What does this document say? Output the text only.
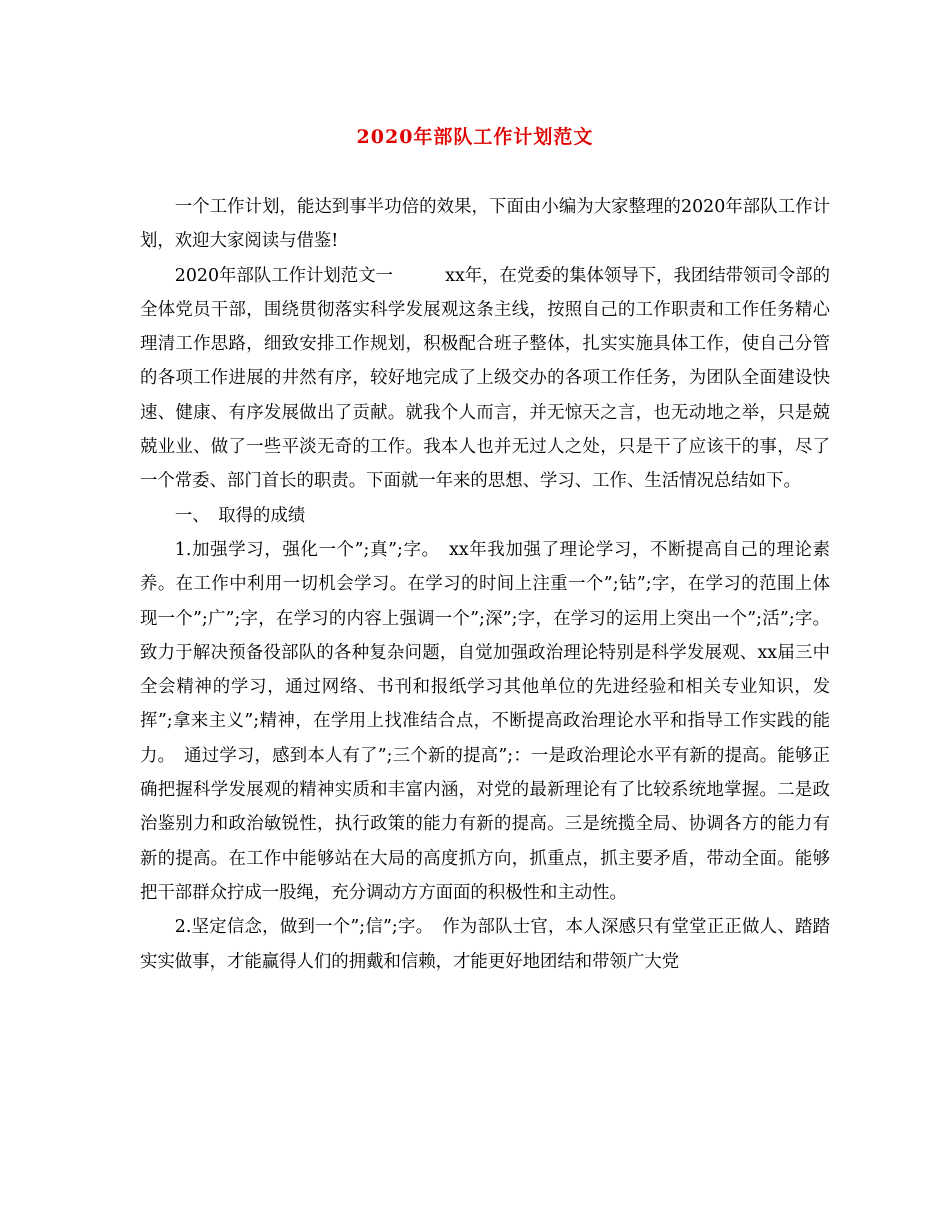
2020年部队工作计划范文

一个工作计划，能达到事半功倍的效果，下面由小编为大家整理的2020年部队工作计划，欢迎大家阅读与借鉴!

2020年部队工作计划范文一　　　xx年，在党委的集体领导下，我团结带领司令部的全体党员干部，围绕贯彻落实科学发展观这条主线，按照自己的工作职责和工作任务精心理清工作思路，细致安排工作规划，积极配合班子整体，扎实实施具体工作，使自己分管的各项工作进展的井然有序，较好地完成了上级交办的各项工作任务，为团队全面建设快速、健康、有序发展做出了贡献。就我个人而言，并无惊天之言，也无动地之举，只是兢兢业业、做了一些平淡无奇的工作。我本人也并无过人之处，只是干了应该干的事，尽了一个常委、部门首长的职责。下面就一年来的思想、学习、工作、生活情况总结如下。

一、　取得的成绩

1.加强学习，强化一个”;真”;字。　xx年我加强了理论学习，不断提高自己的理论素养。在工作中利用一切机会学习。在学习的时间上注重一个”;钻”;字，在学习的范围上体现一个”;广”;字，在学习的内容上强调一个”;深”;字，在学习的运用上突出一个”;活”;字。致力于解决预备役部队的各种复杂问题，自觉加强政治理论特别是科学发展观、xx届三中全会精神的学习，通过网络、书刊和报纸学习其他单位的先进经验和相关专业知识，发挥”;拿来主义”;精神，在学用上找准结合点，不断提高政治理论水平和指导工作实践的能力。　通过学习，感到本人有了”;三个新的提高”;：一是政治理论水平有新的提高。能够正确把握科学发展观的精神实质和丰富内涵，对党的最新理论有了比较系统地掌握。二是政治鉴别力和政治敏锐性，执行政策的能力有新的提高。三是统揽全局、协调各方的能力有新的提高。在工作中能够站在大局的高度抓方向，抓重点，抓主要矛盾，带动全面。能够把干部群众拧成一股绳，充分调动方方面面的积极性和主动性。

2.坚定信念，做到一个”;信”;字。　作为部队士官，本人深感只有堂堂正正做人、踏踏实实做事，才能赢得人们的拥戴和信赖，才能更好地团结和带领广大党
